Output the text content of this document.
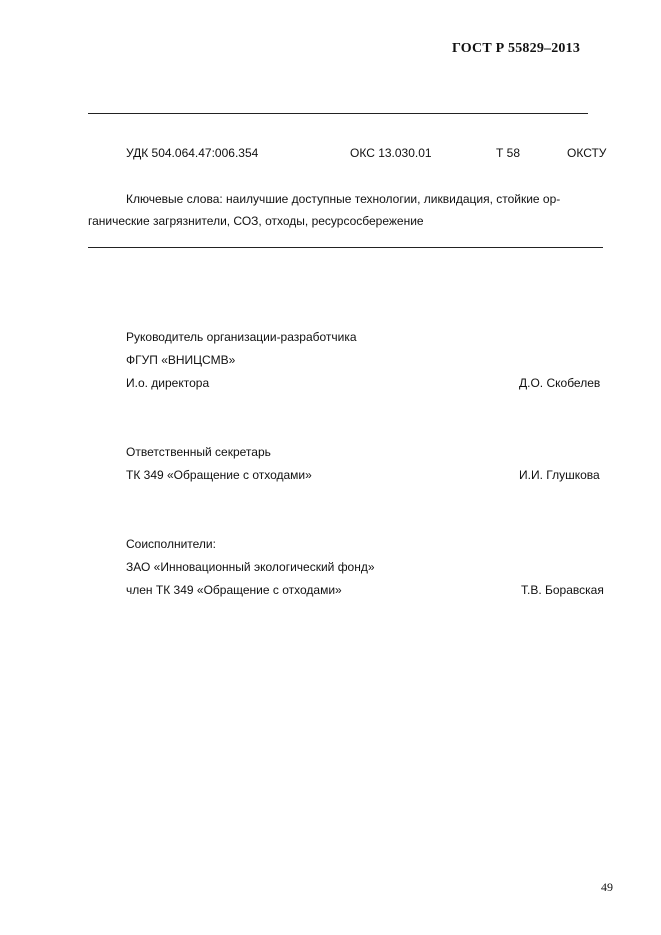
ГОСТ Р 55829–2013
УДК 504.064.47:006.354	ОКС 13.030.01	Т 58	ОКСТУ
Ключевые слова: наилучшие доступные технологии, ликвидация, стойкие ор-
ганические загрязнители, СОЗ, отходы, ресурсосбережение
Руководитель организации-разработчика
ФГУП «ВНИЦСМВ»
И.о. директора	Д.О. Скобелев
Ответственный секретарь
ТК 349 «Обращение с отходами»	И.И. Глушкова
Соисполнители:
ЗАО «Инновационный экологический фонд»
член ТК 349 «Обращение с отходами»	Т.В. Боравская
49
